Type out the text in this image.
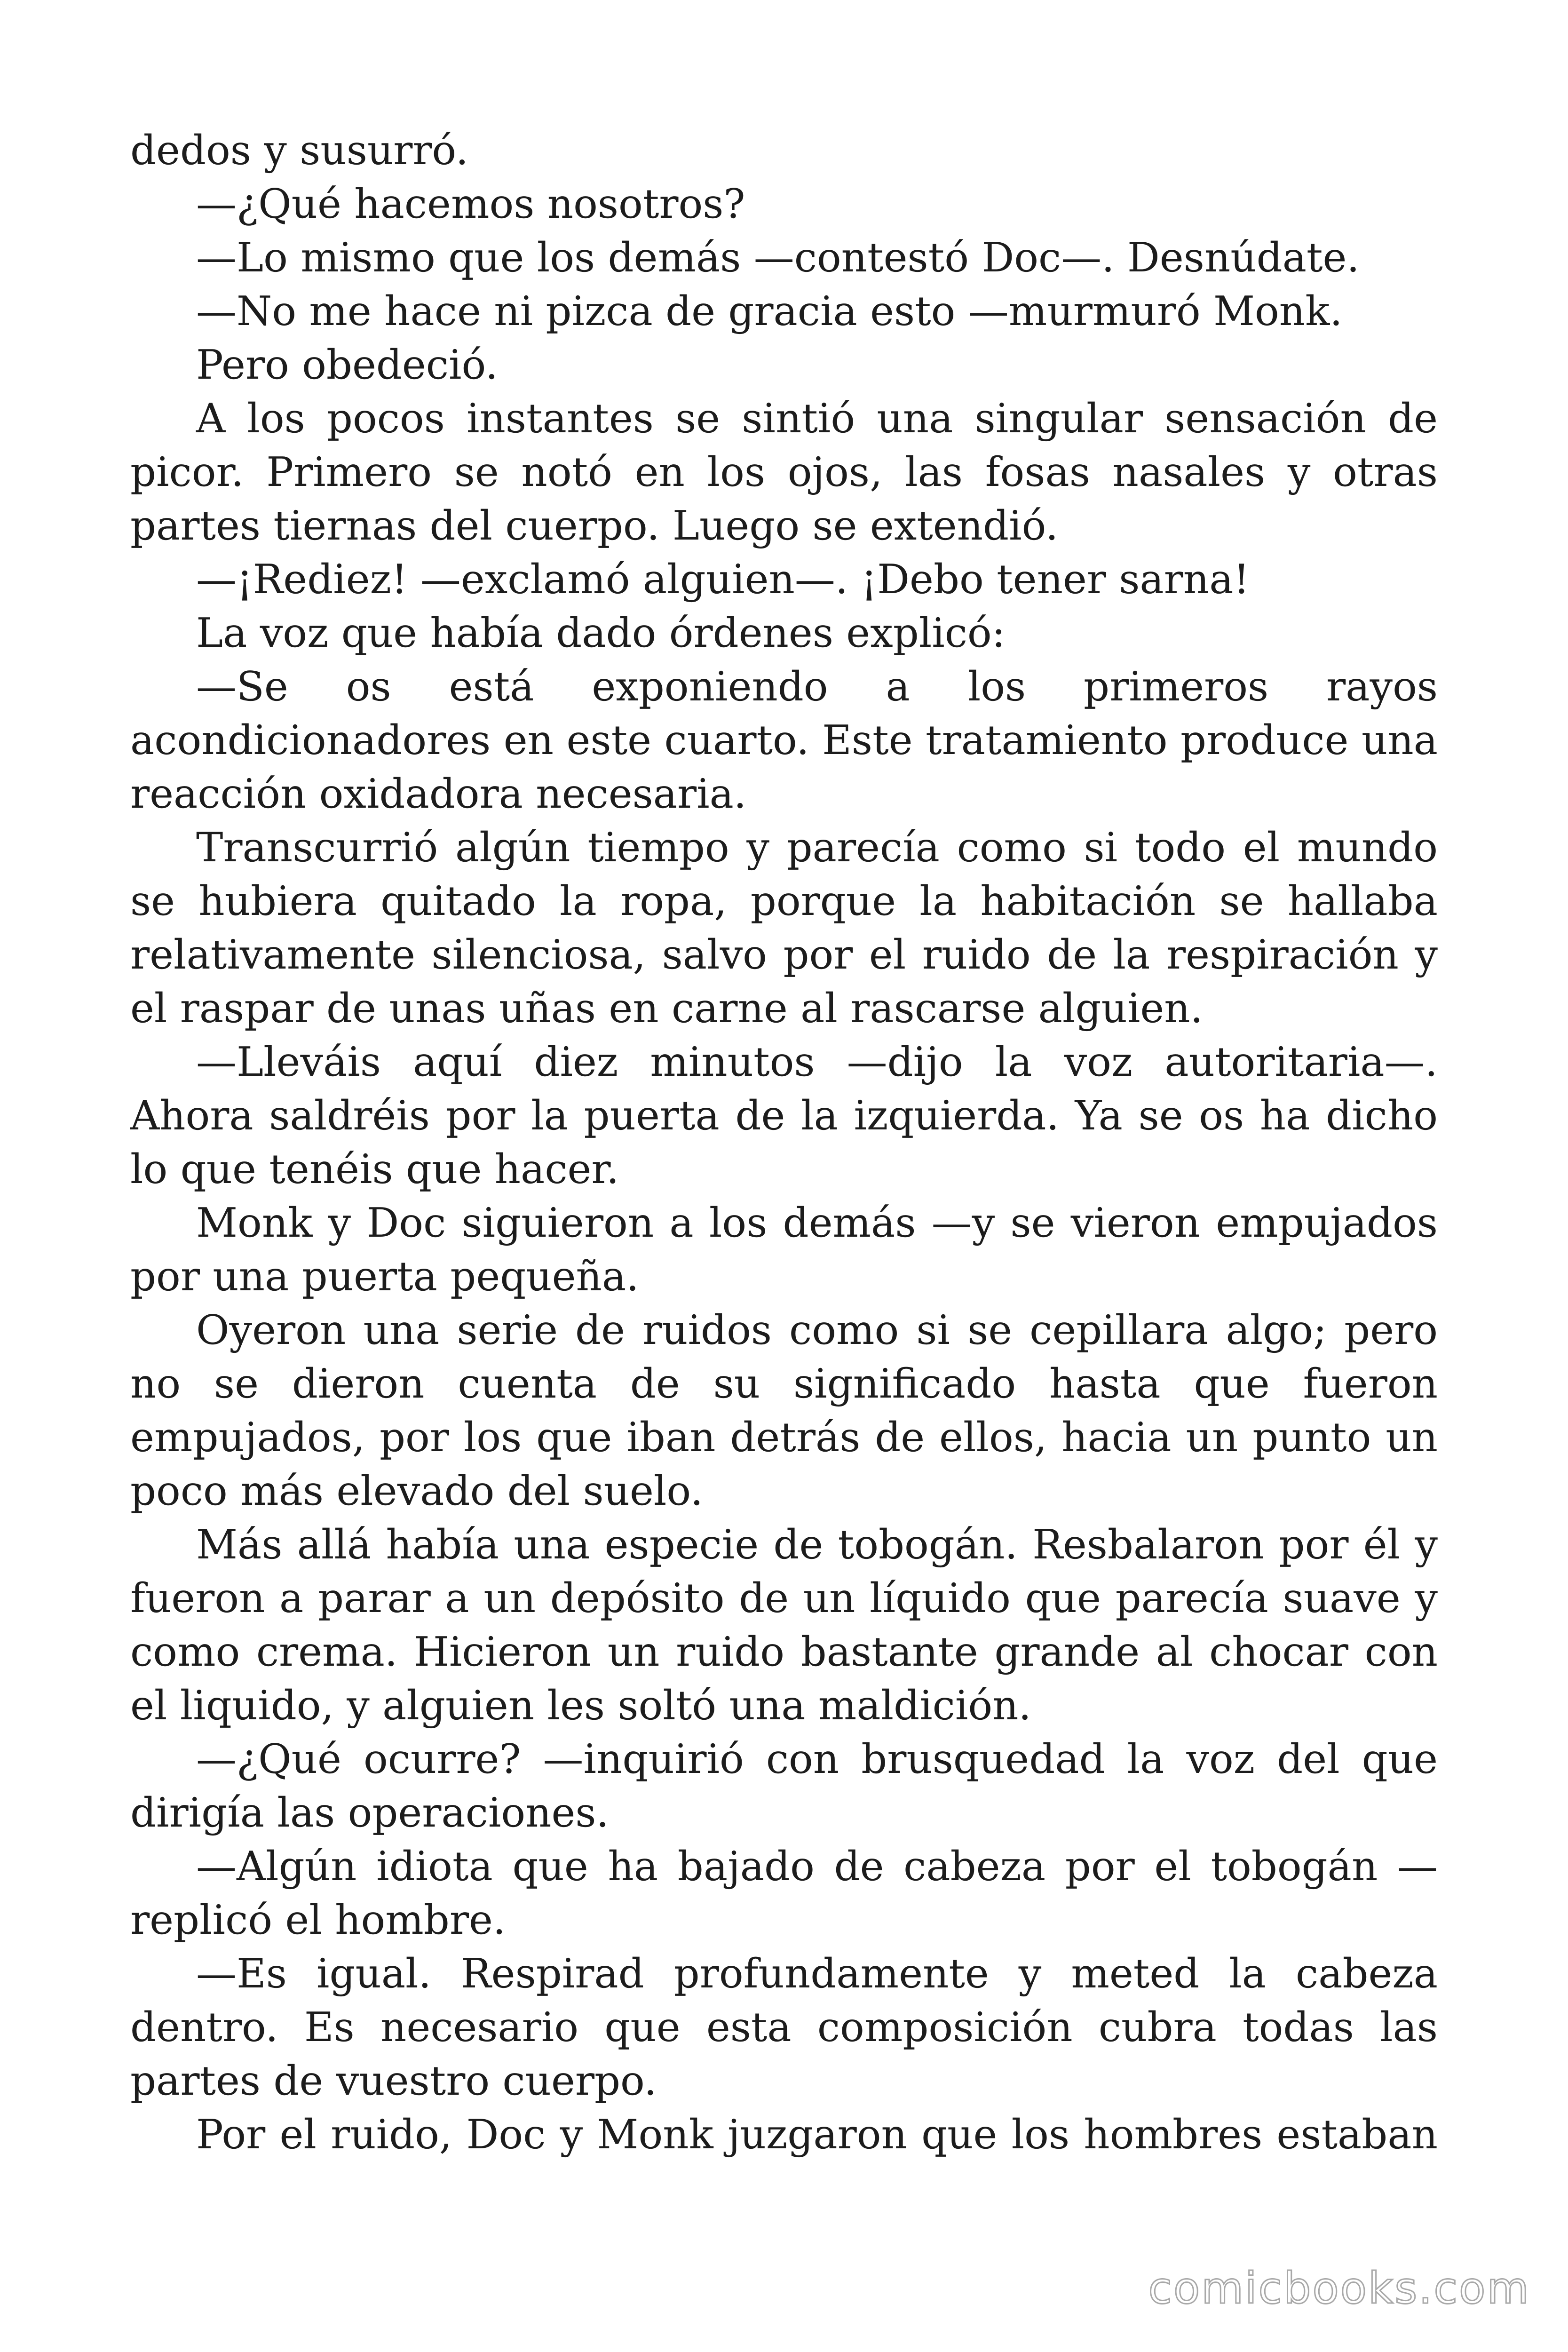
dedos y susurró.

—¿Qué hacemos nosotros?

—Lo mismo que los demás —contestó Doc—. Desnúdate.

—No me hace ni pizca de gracia esto —murmuró Monk.

Pero obedeció.

A los pocos instantes se sintió una singular sensación de picor. Primero se notó en los ojos, las fosas nasales y otras partes tiernas del cuerpo. Luego se extendió.

—¡Rediez! —exclamó alguien—. ¡Debo tener sarna!

La voz que había dado órdenes explicó:

—Se os está exponiendo a los primeros rayos acondicionadores en este cuarto. Este tratamiento produce una reacción oxidadora necesaria.

Transcurrió algún tiempo y parecía como si todo el mundo se hubiera quitado la ropa, porque la habitación se hallaba relativamente silenciosa, salvo por el ruido de la respiración y el raspar de unas uñas en carne al rascarse alguien.

—Lleváis aquí diez minutos —dijo la voz autoritaria—. Ahora saldréis por la puerta de la izquierda. Ya se os ha dicho lo que tenéis que hacer.

Monk y Doc siguieron a los demás —y se vieron empujados por una puerta pequeña.

Oyeron una serie de ruidos como si se cepillara algo; pero no se dieron cuenta de su significado hasta que fueron empujados, por los que iban detrás de ellos, hacia un punto un poco más elevado del suelo.

Más allá había una especie de tobogán. Resbalaron por él y fueron a parar a un depósito de un líquido que parecía suave y como crema. Hicieron un ruido bastante grande al chocar con el liquido, y alguien les soltó una maldición.

—¿Qué ocurre? —inquirió con brusquedad la voz del que dirigía las operaciones.

—Algún idiota que ha bajado de cabeza por el tobogán —replicó el hombre.

—Es igual. Respirad profundamente y meted la cabeza dentro. Es necesario que esta composición cubra todas las partes de vuestro cuerpo.

Por el ruido, Doc y Monk juzgaron que los hombres estaban

comicbooks.com
